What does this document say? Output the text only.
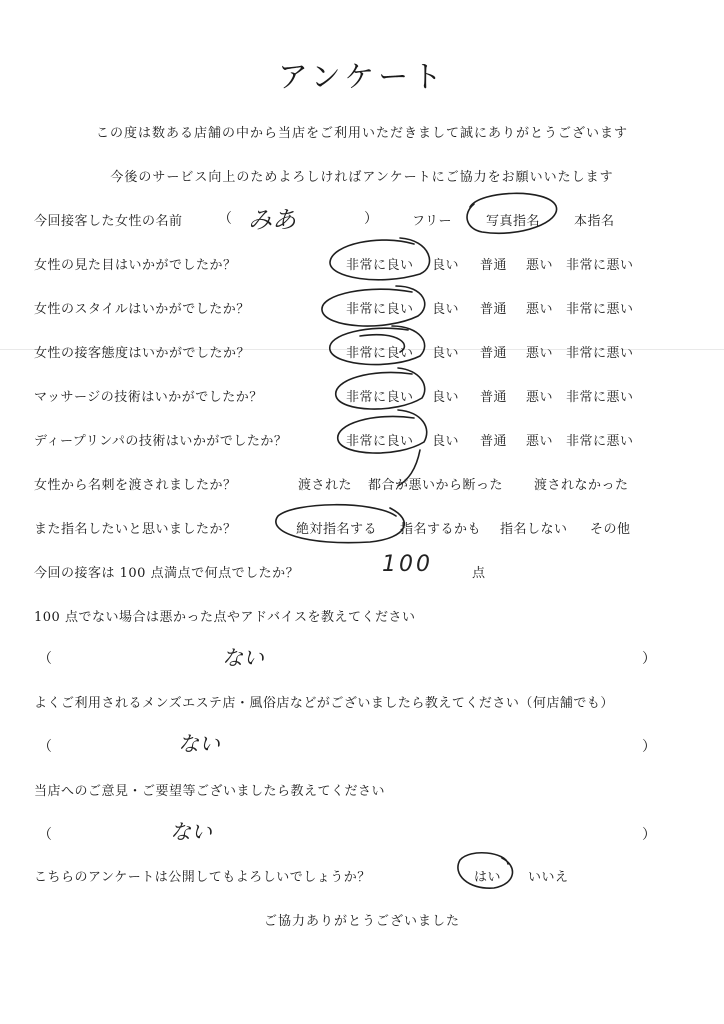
アンケート
この度は数ある店舗の中から当店をご利用いただきまして誠にありがとうございます
今後のサービス向上のためよろしければアンケートにご協力をお願いいたします
今回接客した女性の名前	（ みあ	）	フリー	写真指名	本指名
女性の見た目はいかがでしたか？	非常に良い 良い 普通 悪い 非常に悪い
女性のスタイルはいかがでしたか？	非常に良い 良い 普通 悪い 非常に悪い
女性の接客態度はいかがでしたか？	非常に良い 良い 普通 悪い 非常に悪い
マッサージの技術はいかがでしたか？	非常に良い 良い 普通 悪い 非常に悪い
ディープリンパの技術はいかがでしたか？	非常に良い 良い 普通 悪い 非常に悪い
女性から名刺を渡されましたか？	渡された 都合が悪いから断った 渡されなかった
また指名したいと思いましたか？	絶対指名する 指名するかも 指名しない その他
今回の接客は 100 点満点で何点でしたか？	100	点
100 点でない場合は悪かった点やアドバイスを教えてください
（	ない	）
よくご利用されるメンズエステ店・風俗店などがございましたら教えてください（何店舗でも）
（	ない	）
当店へのご意見・ご要望等ございましたら教えてください
（	ない	）
こちらのアンケートは公開してもよろしいでしょうか？	はい いいえ
ご協力ありがとうございました
